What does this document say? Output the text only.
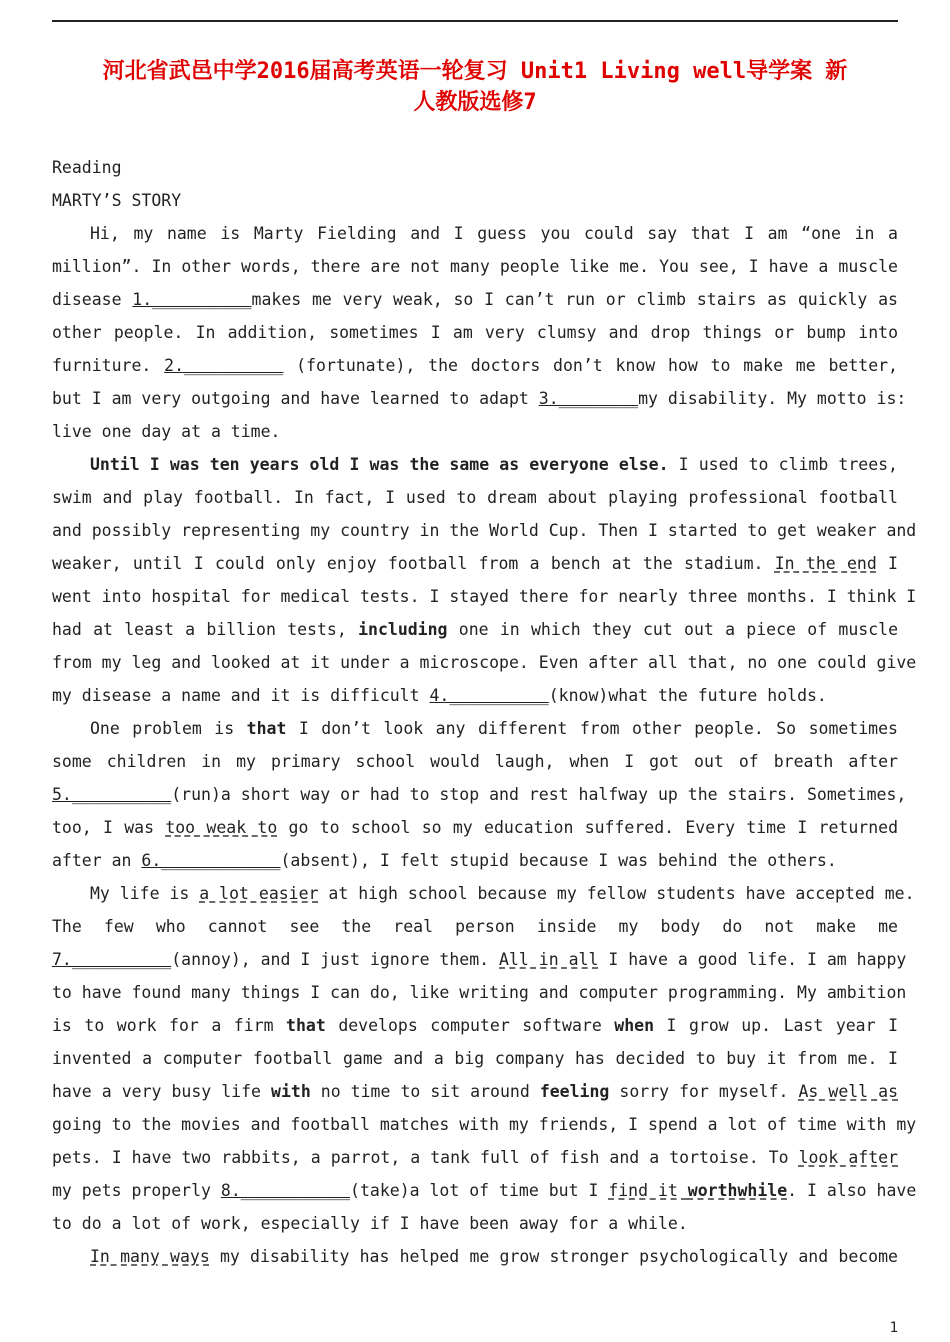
河北省武邑中学2016届高考英语一轮复习 Unit1 Living well导学案 新
人教版选修7
Reading
MARTY’S STORY
Hi, my name is Marty Fielding and I guess you could say that I am “one in a
million”. In other words, there are not many people like me. You see, I have a muscle
disease 1.__________makes me very weak, so I can’t run or climb stairs as quickly as
other people. In addition, sometimes I am very clumsy and drop things or bump into
furniture. 2.__________ (fortunate), the doctors don’t know how to make me better,
but I am very outgoing and have learned to adapt 3.________my disability. My motto is:
live one day at a time.
Until I was ten years old I was the same as everyone else. I used to climb trees,
swim and play football. In fact, I used to dream about playing professional football
and possibly representing my country in the World Cup. Then I started to get weaker and
weaker, until I could only enjoy football from a bench at the stadium. In the end I
went into hospital for medical tests. I stayed there for nearly three months. I think I
had at least a billion tests, including one in which they cut out a piece of muscle
from my leg and looked at it under a microscope. Even after all that, no one could give
my disease a name and it is difficult 4.__________(know)what the future holds.
One problem is that I don’t look any different from other people. So sometimes
some children in my primary school would laugh, when I got out of breath after
5.__________(run)a short way or had to stop and rest halfway up the stairs. Sometimes,
too, I was too weak to go to school so my education suffered. Every time I returned
after an 6.____________(absent), I felt stupid because I was behind the others.
My life is a lot easier at high school because my fellow students have accepted me.
The few who cannot see the real person inside my body do not make me
7.__________(annoy), and I just ignore them. All in all I have a good life. I am happy
to have found many things I can do, like writing and computer programming. My ambition
is to work for a firm that develops computer software when I grow up. Last year I
invented a computer football game and a big company has decided to buy it from me. I
have a very busy life with no time to sit around feeling sorry for myself. As well as
going to the movies and football matches with my friends, I spend a lot of time with my
pets. I have two rabbits, a parrot, a tank full of fish and a tortoise. To look after
my pets properly 8.___________(take)a lot of time but I find it worthwhile. I also have
to do a lot of work, especially if I have been away for a while.
In many ways my disability has helped me grow stronger psychologically and become
1
